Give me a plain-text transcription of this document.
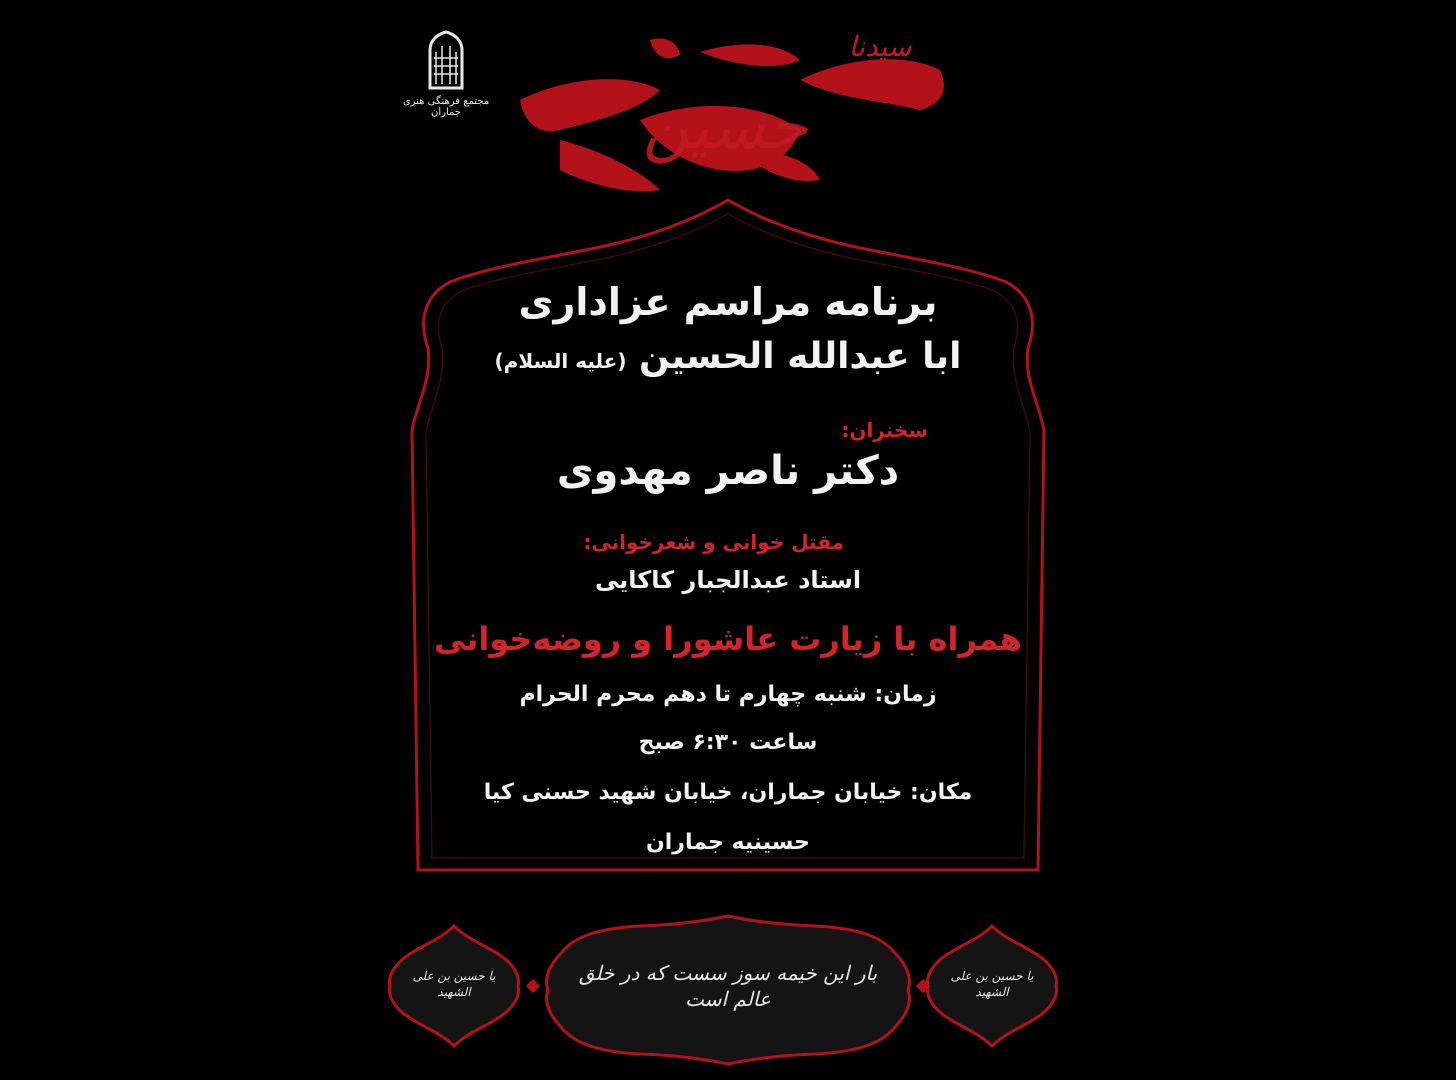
مجتمع فرهنگی هنری جماران	حسین
سیدنا
برنامه مراسم عزاداری
ابا عبدالله الحسین (علیه السلام)
سخنران:
دکتر ناصر مهدوی
مقتل خوانی و شعرخوانی:
استاد عبدالجبار کاکایی
همراه با زیارت عاشورا و روضه‌خوانی
زمان: شنبه چهارم تا دهم محرم الحرام
ساعت ۶:۳۰ صبح
مکان: خیابان جماران، خیابان شهید حسنی کیا
حسینیه جماران
بار این خیمه سوز سست که در خلق عالم است
یا حسین بن علی الشهید
یا حسین بن علی الشهید
